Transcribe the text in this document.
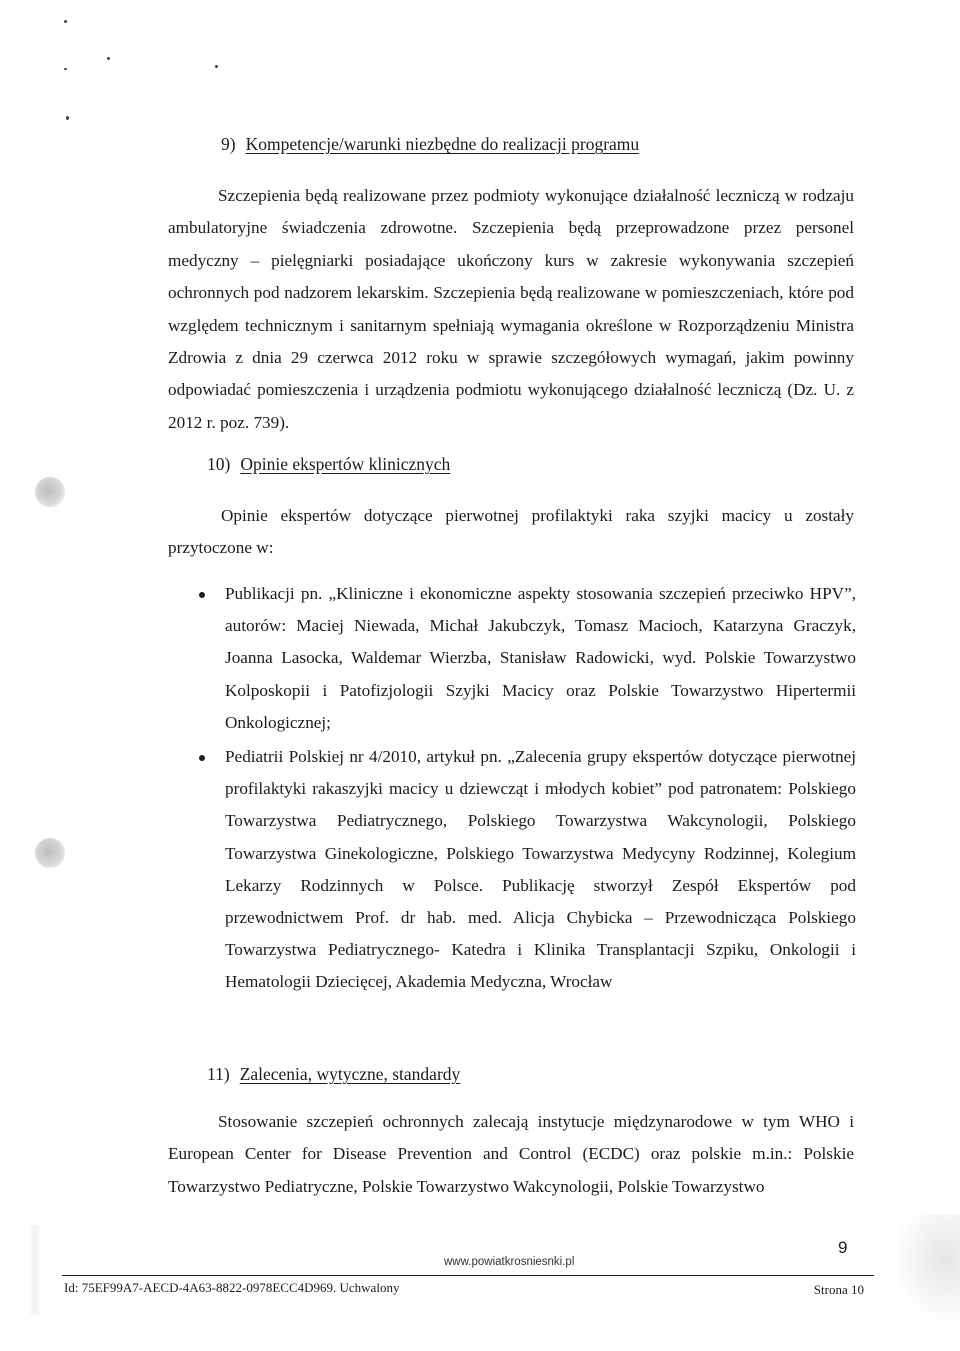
9) Kompetencje/warunki niezbędne do realizacji programu
Szczepienia będą realizowane przez podmioty wykonujące działalność leczniczą w rodzaju ambulatoryjne świadczenia zdrowotne. Szczepienia będą przeprowadzone przez personel medyczny – pielęgniarki posiadające ukończony kurs w zakresie wykonywania szczepień ochronnych pod nadzorem lekarskim. Szczepienia będą realizowane w pomieszczeniach, które pod względem technicznym i sanitarnym spełniają wymagania określone w Rozporządzeniu Ministra Zdrowia z dnia 29 czerwca 2012 roku w sprawie szczegółowych wymagań, jakim powinny odpowiadać pomieszczenia i urządzenia podmiotu wykonującego działalność leczniczą (Dz. U. z 2012 r. poz. 739).
10) Opinie ekspertów klinicznych
Opinie ekspertów dotyczące pierwotnej profilaktyki raka szyjki macicy u zostały przytoczone w:
Publikacji pn. „Kliniczne i ekonomiczne aspekty stosowania szczepień przeciwko HPV”, autorów: Maciej Niewada, Michał Jakubczyk, Tomasz Macioch, Katarzyna Graczyk, Joanna Lasocka, Waldemar Wierzba, Stanisław Radowicki, wyd. Polskie Towarzystwo Kolposkopii i Patofizjologii Szyjki Macicy oraz Polskie Towarzystwo Hipertermii Onkologicznej;
Pediatrii Polskiej nr 4/2010, artykuł pn. „Zalecenia grupy ekspertów dotyczące pierwotnej profilaktyki rakaszyjki macicy u dziewcząt i młodych kobiet” pod patronatem: Polskiego Towarzystwa Pediatrycznego, Polskiego Towarzystwa Wakcynologii, Polskiego Towarzystwa Ginekologiczne, Polskiego Towarzystwa Medycyny Rodzinnej, Kolegium Lekarzy Rodzinnych w Polsce. Publikację stworzył Zespół Ekspertów pod przewodnictwem Prof. dr hab. med. Alicja Chybicka – Przewodnicząca Polskiego Towarzystwa Pediatrycznego- Katedra i Klinika Transplantacji Szpiku, Onkologii i Hematologii Dziecięcej, Akademia Medyczna, Wrocław
11) Zalecenia, wytyczne, standardy
Stosowanie szczepień ochronnych zalecają instytucje międzynarodowe w tym WHO i European Center for Disease Prevention and Control (ECDC) oraz polskie m.in.: Polskie Towarzystwo Pediatryczne, Polskie Towarzystwo Wakcynologii, Polskie Towarzystwo
9
www.powiatkrosniesnki.pl
Id: 75EF99A7-AECD-4A63-8822-0978ECC4D969. Uchwalony	Strona 10
